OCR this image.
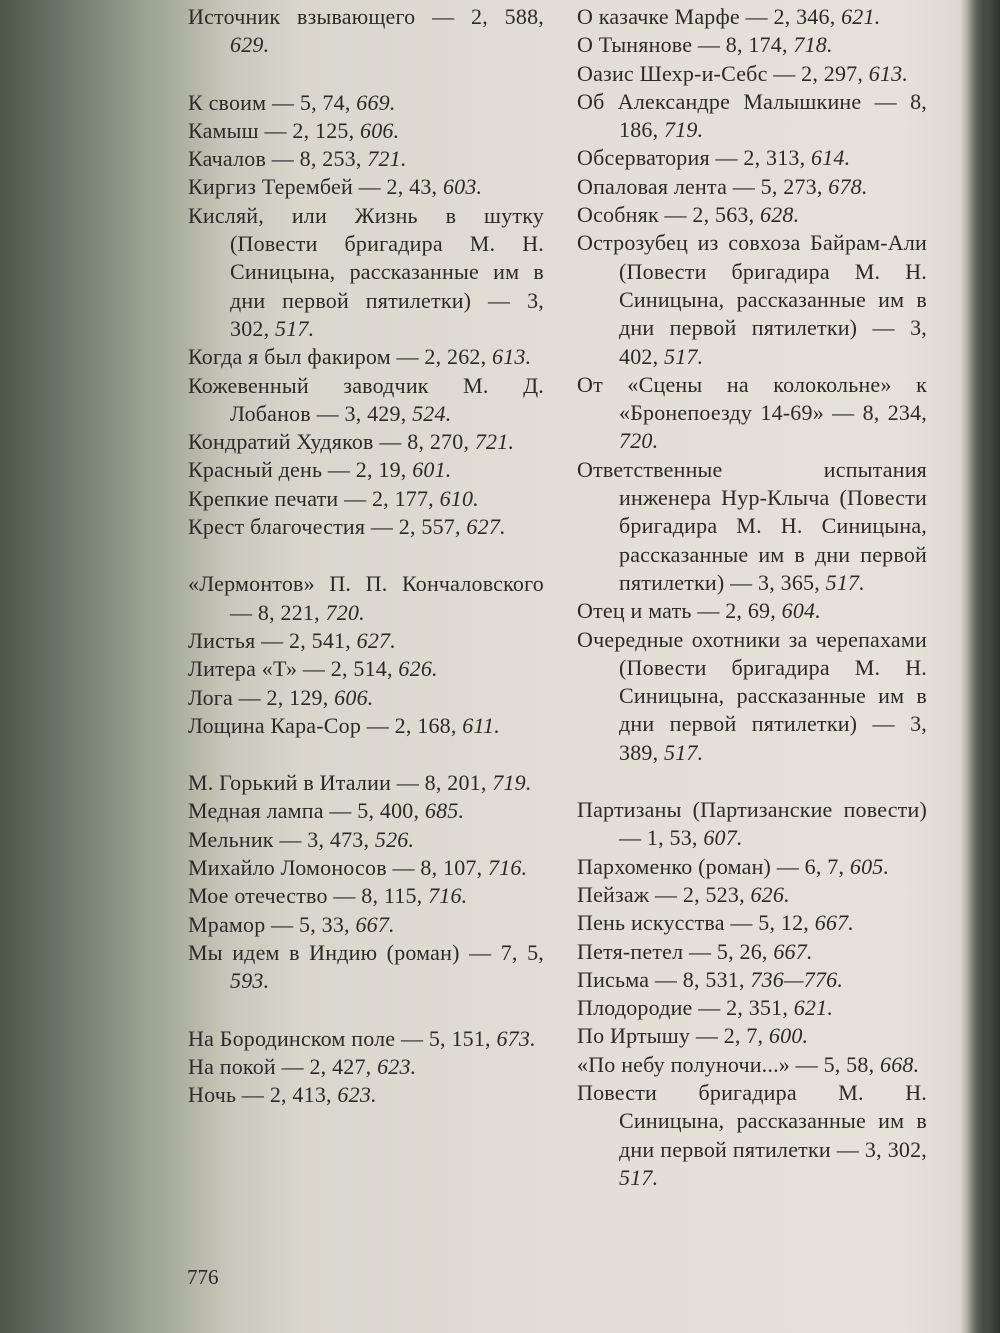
Источник взывающего — 2, 588, 629.

К своим — 5, 74, 669.

Камыш — 2, 125, 606.

Качалов — 8, 253, 721.

Киргиз Терембей — 2, 43, 603.

Кисляй, или Жизнь в шутку (Повести бригадира М. Н. Синицына, рассказанные им в дни первой пятилетки) — 3, 302, 517.

Когда я был факиром — 2, 262, 613.

Кожевенный заводчик М. Д. Лобанов — 3, 429, 524.

Кондратий Худяков — 8, 270, 721.

Красный день — 2, 19, 601.

Крепкие печати — 2, 177, 610.

Крест благочестия — 2, 557, 627.

«Лермонтов» П. П. Кончаловского — 8, 221, 720.

Листья — 2, 541, 627.

Литера «Т» — 2, 514, 626.

Лога — 2, 129, 606.

Лощина Кара-Сор — 2, 168, 611.

М. Горький в Италии — 8, 201, 719.

Медная лампа — 5, 400, 685.

Мельник — 3, 473, 526.

Михайло Ломоносов — 8, 107, 716.

Мое отечество — 8, 115, 716.

Мрамор — 5, 33, 667.

Мы идем в Индию (роман) — 7, 5, 593.

На Бородинском поле — 5, 151, 673.

На покой — 2, 427, 623.

Ночь — 2, 413, 623.

О казачке Марфе — 2, 346, 621.

О Тынянове — 8, 174, 718.

Оазис Шехр-и-Себс — 2, 297, 613.

Об Александре Малышкине — 8, 186, 719.

Обсерватория — 2, 313, 614.

Опаловая лента — 5, 273, 678.

Особняк — 2, 563, 628.

Острозубец из совхоза Байрам-Али (Повести бригадира М. Н. Синицына, рассказанные им в дни первой пятилетки) — 3, 402, 517.

От «Сцены на колокольне» к «Бронепоезду 14-69» — 8, 234, 720.

Ответственные испытания инженера Нур-Клыча (Повести бригадира М. Н. Синицына, рассказанные им в дни первой пятилетки) — 3, 365, 517.

Отец и мать — 2, 69, 604.

Очередные охотники за черепахами (Повести бригадира М. Н. Синицына, рассказанные им в дни первой пятилетки) — 3, 389, 517.

Партизаны (Партизанские повести) — 1, 53, 607.

Пархоменко (роман) — 6, 7, 605.

Пейзаж — 2, 523, 626.

Пень искусства — 5, 12, 667.

Петя-петел — 5, 26, 667.

Письма — 8, 531, 736—776.

Плодородие — 2, 351, 621.

По Иртышу — 2, 7, 600.

«По небу полуночи...» — 5, 58, 668.

Повести бригадира М. Н. Синицына, рассказанные им в дни первой пятилетки — 3, 302, 517.

776
